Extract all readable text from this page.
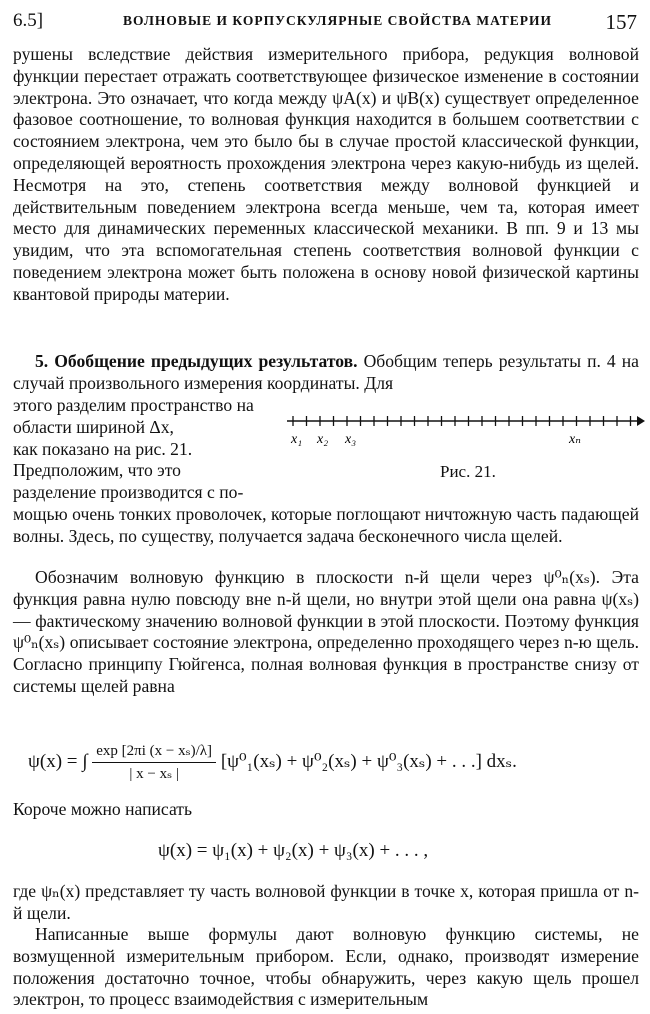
6.5]	ВОЛНОВЫЕ И КОРПУСКУЛЯРНЫЕ СВОЙСТВА МАТЕРИИ	157

рушены вследствие действия измерительного прибора, редукция волновой функции перестает отражать соответствующее физическое изменение в состоянии электрона. Это означает, что когда между ψA(x) и ψB(x) существует определенное фазовое соотношение, то волновая функция находится в большем соответствии с состоянием электрона, чем это было бы в случае простой классической функции, определяющей вероятность прохождения электрона через какую-нибудь из щелей. Несмотря на это, степень соответствия между волновой функцией и действительным поведением электрона всегда меньше, чем та, которая имеет место для динамических переменных классической механики. В пп. 9 и 13 мы увидим, что эта вспомогательная степень соответствия волновой функции с поведением электрона может быть положена в основу новой физической картины квантовой природы материи.

5. Обобщение предыдущих результатов. Обобщим теперь результаты п. 4 на случай произвольного измерения координаты. Для

этого разделим пространство на области шириной Δx,
как показано на рис. 21.
Предположим, что это разделение производится с по-
x₁ x₂ x₃	xₙ
Рис. 21.

мощью очень тонких проволочек, которые поглощают ничтожную часть падающей волны. Здесь, по существу, получается задача бесконечного числа щелей.

Обозначим волновую функцию в плоскости n-й щели через ψ⁰ₙ(xₛ). Эта функция равна нулю повсюду вне n-й щели, но внутри этой щели она равна ψ(xₛ) — фактическому значению волновой функции в этой плоскости. Поэтому функция ψ⁰ₙ(xₛ) описывает состояние электрона, определенно проходящего через n-ю щель. Согласно принципу Гюйгенса, полная волновая функция в пространстве снизу от системы щелей равна

ψ(x) = ∫ $\frac{\text{exp [2πi (x − xₛ)/λ]}}{\text{| x − xₛ |}} [\psi^0_1(x_s) + \psi^0_2(x_s) + \psi^0_3(x_s)$ + . . .] dxₛ.

Короче можно написать

ψ(x) = ψ₁(x) + ψ₂(x) + ψ₃(x) + . . . ,

где ψₙ(x) представляет ту часть волновой функции в точке x, которая пришла от n-й щели.

Написанные выше формулы дают волновую функцию системы, не возмущенной измерительным прибором. Если, однако, производят измерение положения достаточно точное, чтобы обнаружить, через какую щель прошел электрон, то процесс взаимодействия с измерительным
